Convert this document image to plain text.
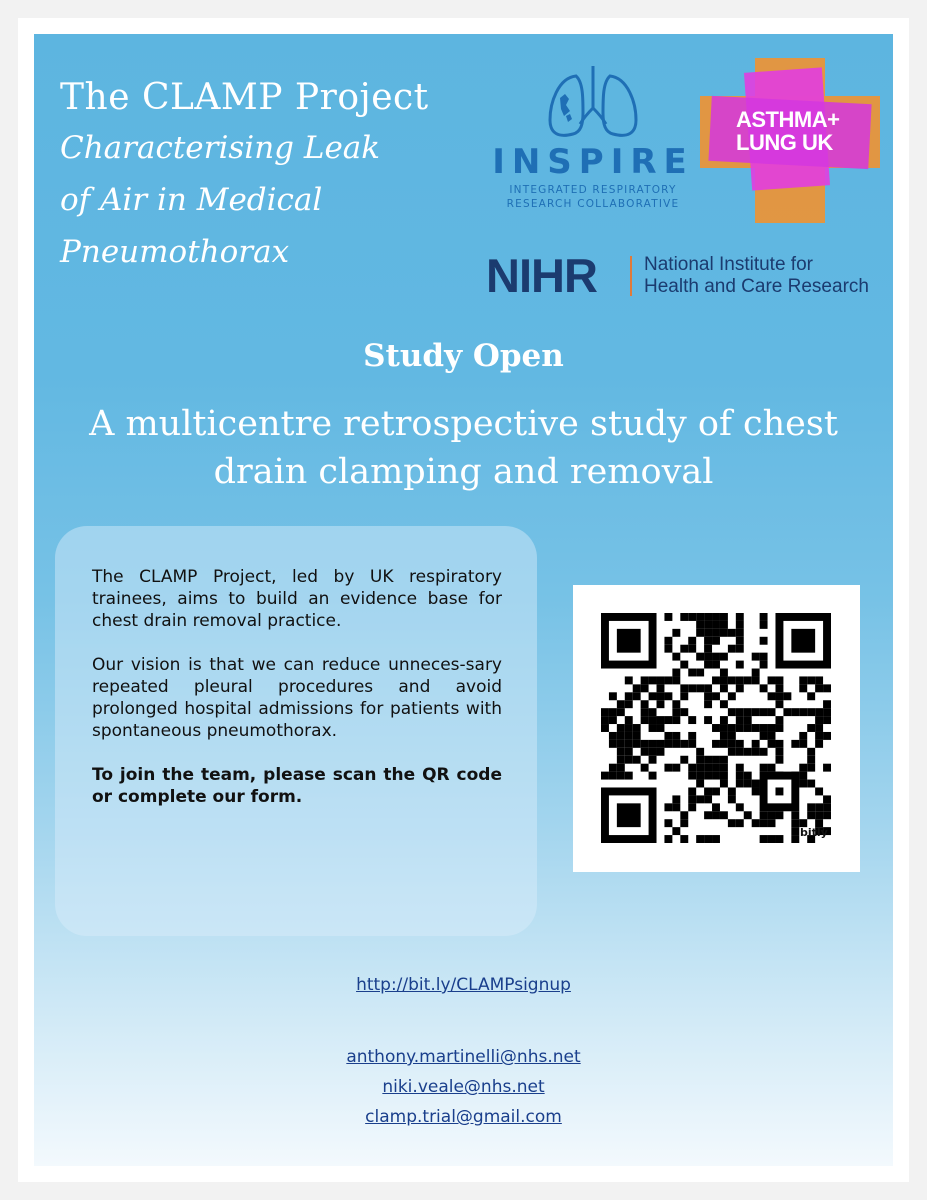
The CLAMP Project

Characterising Leak

of Air in Medical

Pneumothorax

INSPIRE
INTEGRATED RESPIRATORY
RESEARCH COLLABORATIVE
ASTHMA+
LUNG UK
NIHR National Institute for
Health and Care Research
Study Open
A multicentre retrospective study of chest
drain clamping and removal

The CLAMP Project, led by UK respiratory trainees, aims to build an evidence base for chest drain removal practice.

Our vision is that we can reduce unneces-sary repeated pleural procedures and avoid prolonged hospital admissions for patients with spontaneous pneumothorax.

To join the team, please scan the QR code or complete our form.

bitly
http://bit.ly/CLAMPsignup
anthony.martinelli@nhs.net
niki.veale@nhs.net
clamp.trial@gmail.com
